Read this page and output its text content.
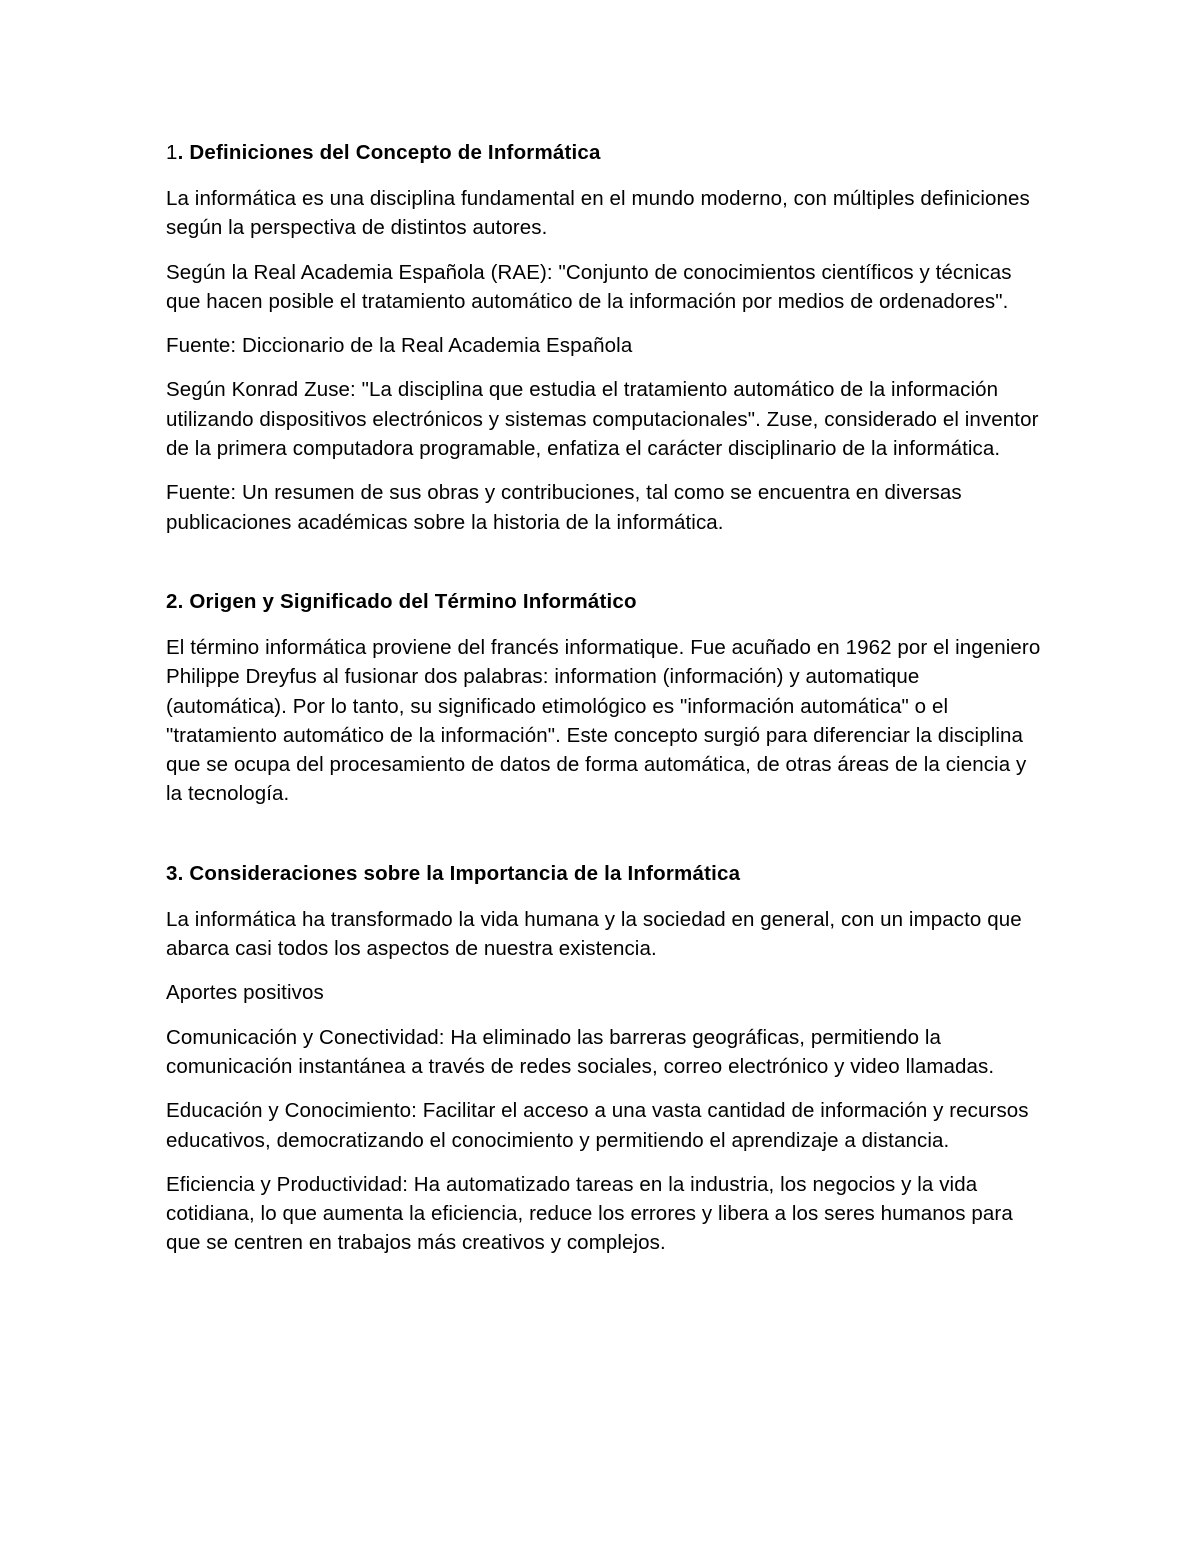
1. Definiciones del Concepto de Informática

La informática es una disciplina fundamental en el mundo moderno, con múltiples definiciones según la perspectiva de distintos autores.

Según la Real Academia Española (RAE): "Conjunto de conocimientos científicos y técnicas que hacen posible el tratamiento automático de la información por medios de ordenadores".

Fuente: Diccionario de la Real Academia Española

Según Konrad Zuse: "La disciplina que estudia el tratamiento automático de la información utilizando dispositivos electrónicos y sistemas computacionales". Zuse, considerado el inventor de la primera computadora programable, enfatiza el carácter disciplinario de la informática.

Fuente: Un resumen de sus obras y contribuciones, tal como se encuentra en diversas publicaciones académicas sobre la historia de la informática.

2. Origen y Significado del Término Informático

El término informática proviene del francés informatique. Fue acuñado en 1962 por el ingeniero Philippe Dreyfus al fusionar dos palabras: information (información) y automatique (automática). Por lo tanto, su significado etimológico es "información automática" o el "tratamiento automático de la información". Este concepto surgió para diferenciar la disciplina que se ocupa del procesamiento de datos de forma automática, de otras áreas de la ciencia y la tecnología.

3. Consideraciones sobre la Importancia de la Informática

La informática ha transformado la vida humana y la sociedad en general, con un impacto que abarca casi todos los aspectos de nuestra existencia.

Aportes positivos

Comunicación y Conectividad: Ha eliminado las barreras geográficas, permitiendo la comunicación instantánea a través de redes sociales, correo electrónico y video llamadas.

Educación y Conocimiento: Facilitar el acceso a una vasta cantidad de información y recursos educativos, democratizando el conocimiento y permitiendo el aprendizaje a distancia.

Eficiencia y Productividad: Ha automatizado tareas en la industria, los negocios y la vida cotidiana, lo que aumenta la eficiencia, reduce los errores y libera a los seres humanos para que se centren en trabajos más creativos y complejos.
